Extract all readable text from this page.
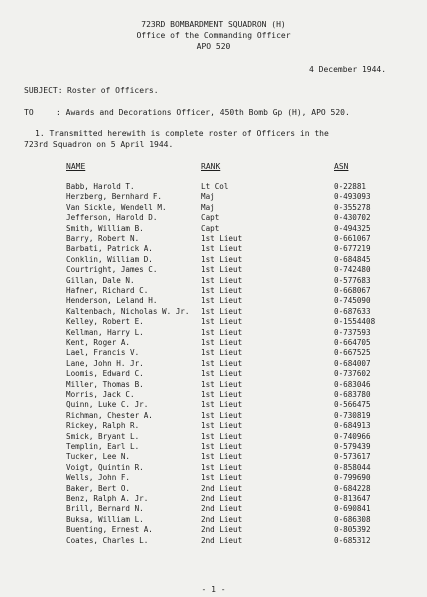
723RD BOMBARDMENT SQUADRON (H)
Office of the Commanding Officer
APO 520
4 December 1944.
SUBJECT: Roster of Officers.
TO	: Awards and Decorations Officer, 450th Bomb Gp (H), APO 520.
1. Transmitted herewith is complete roster of Officers in the
723rd Squadron on 5 April 1944.
NAME	RANK	ASN
Babb, Harold T.	Lt Col	0-22881
Herzberg, Bernhard F.	Maj	0-493093
Van Sickle, Wendell M.	Maj	0-355278
Jefferson, Harold D.	Capt	0-430702
Smith, William B.	Capt	0-494325
Barry, Robert N.	1st Lieut	0-661067
Barbati, Patrick A.	1st Lieut	0-677219
Conklin, William D.	1st Lieut	0-684845
Courtright, James C.	1st Lieut	0-742480
Gillan, Dale N.	1st Lieut	0-577683
Hafner, Richard C.	1st Lieut	0-668067
Henderson, Leland H.	1st Lieut	0-745090
Kaltenbach, Nicholas W. Jr. 1st Lieut	0-687633
Kelley, Robert E.	1st Lieut	0-1554408
Kellman, Harry L.	1st Lieut	0-737593
Kent, Roger A.	1st Lieut	0-664705
Lael, Francis V.	1st Lieut	0-667525
Lane, John H. Jr.	1st Lieut	0-684007
Loomis, Edward C.	1st Lieut	0-737602
Miller, Thomas B.	1st Lieut	0-683046
Morris, Jack C.	1st Lieut	0-683780
Quinn, Luke C. Jr.	1st Lieut	0-566475
Richman, Chester A.	1st Lieut	0-730819
Rickey, Ralph R.	1st Lieut	0-684913
Smick, Bryant L.	1st Lieut	0-740966
Templin, Earl L.	1st Lieut	0-579439
Tucker, Lee N.	1st Lieut	0-573617
Voigt, Quintin R.	1st Lieut	0-858044
Wells, John F.	1st Lieut	0-799690
Baker, Bert O.	2nd Lieut	0-684228
Benz, Ralph A. Jr.	2nd Lieut	0-813647
Brill, Bernard N.	2nd Lieut	0-690841
Buksa, William L.	2nd Lieut	0-686308
Buenting, Ernest A.	2nd Lieut	0-805392
Coates, Charles L.	2nd Lieut	0-685312
- 1 -
